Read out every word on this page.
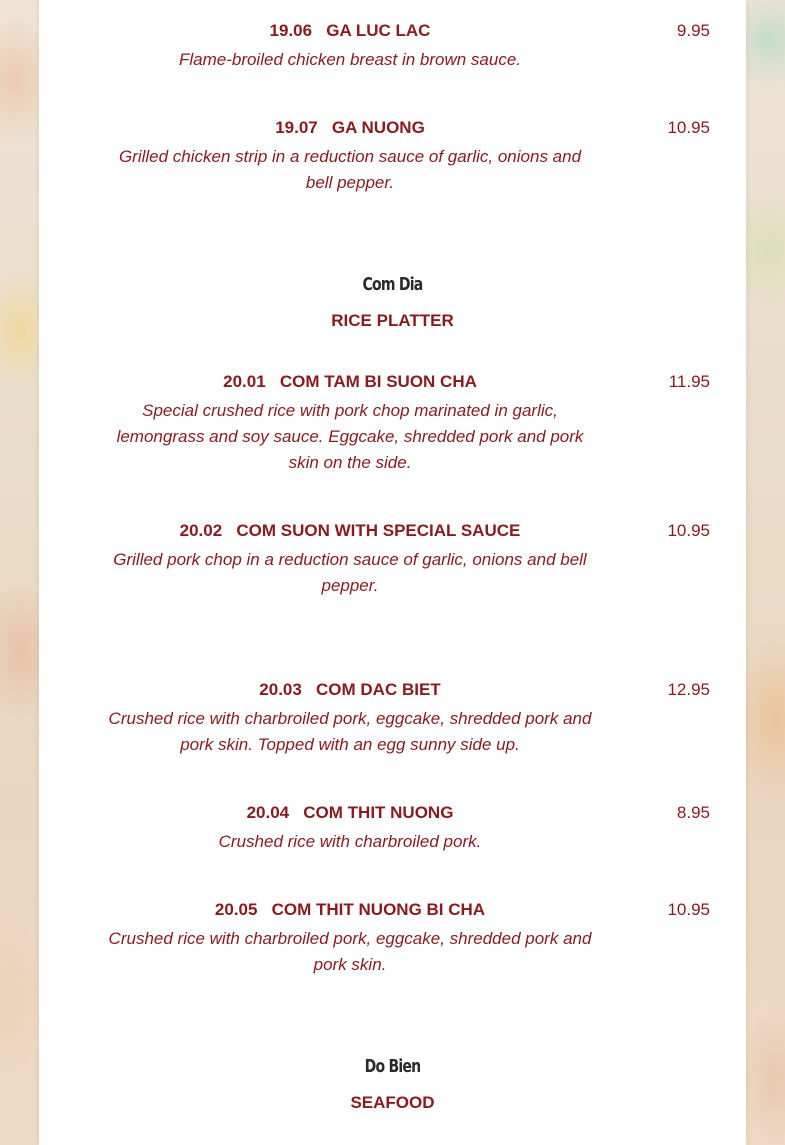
19.06 GA LUC LAC	9.95
Flame-broiled chicken breast in brown sauce.
19.07 GA NUONG	10.95
Grilled chicken strip in a reduction sauce of garlic, onions and bell pepper.
Com Dia
RICE PLATTER
20.01 COM TAM BI SUON CHA	11.95
Special crushed rice with pork chop marinated in garlic, lemongrass and soy sauce. Eggcake, shredded pork and pork skin on the side.
20.02 COM SUON WITH SPECIAL SAUCE	10.95
Grilled pork chop in a reduction sauce of garlic, onions and bell pepper.
20.03 COM DAC BIET	12.95
Crushed rice with charbroiled pork, eggcake, shredded pork and pork skin. Topped with an egg sunny side up.
20.04 COM THIT NUONG	8.95
Crushed rice with charbroiled pork.
20.05 COM THIT NUONG BI CHA	10.95
Crushed rice with charbroiled pork, eggcake, shredded pork and pork skin.
Do Bien
SEAFOOD
